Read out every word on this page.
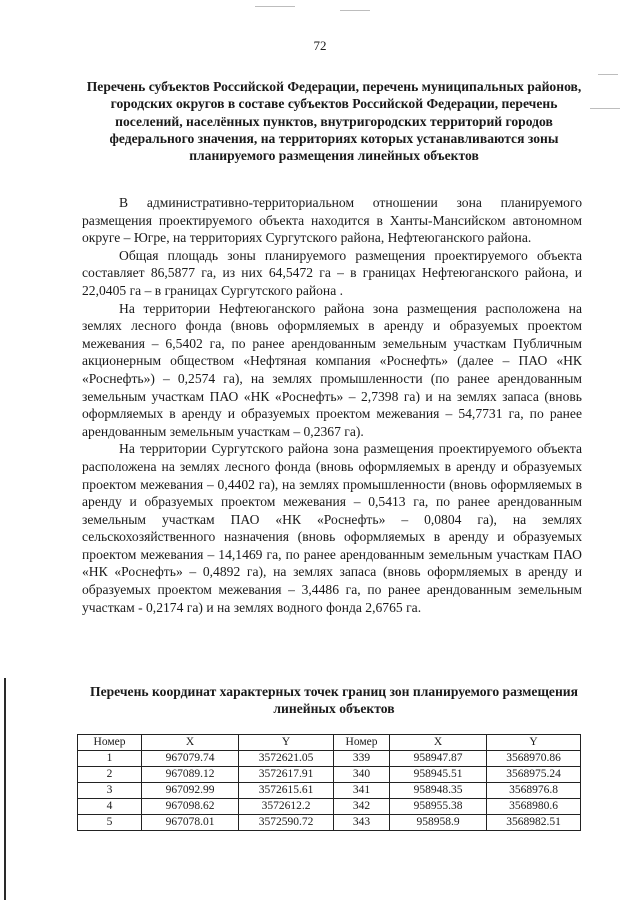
72
Перечень субъектов Российской Федерации, перечень муниципальных районов, городских округов в составе субъектов Российской Федерации, перечень поселений, населённых пунктов, внутригородских территорий городов федерального значения, на территориях которых устанавливаются зоны планируемого размещения линейных объектов

В административно-территориальном отношении зона планируемого размещения проектируемого объекта находится в Ханты-Мансийском автономном округе – Югре, на территориях Сургутского района, Нефтеюганского района.

Общая площадь зоны планируемого размещения проектируемого объекта составляет 86,5877 га, из них 64,5472 га – в границах Нефтеюганского района, и 22,0405 га – в границах Сургутского района .

На территории Нефтеюганского района зона размещения расположена на землях лесного фонда (вновь оформляемых в аренду и образуемых проектом межевания – 6,5402 га, по ранее арендованным земельным участкам Публичным акционерным обществом «Нефтяная компания «Роснефть» (далее – ПАО «НК «Роснефть») – 0,2574 га), на землях промышленности (по ранее арендованным земельным участкам ПАО «НК «Роснефть» – 2,7398 га) и на землях запаса (вновь оформляемых в аренду и образуемых проектом межевания – 54,7731 га, по ранее арендованным земельным участкам – 0,2367 га).

На территории Сургутского района зона размещения проектируемого объекта расположена на землях лесного фонда (вновь оформляемых в аренду и образуемых проектом межевания – 0,4402 га), на землях промышленности (вновь оформляемых в аренду и образуемых проектом межевания – 0,5413 га, по ранее арендованным земельным участкам ПАО «НК «Роснефть» – 0,0804 га), на землях сельскохозяйственного назначения (вновь оформляемых в аренду и образуемых проектом межевания – 14,1469 га, по ранее арендованным земельным участкам ПАО «НК «Роснефть» – 0,4892 га), на землях запаса (вновь оформляемых в аренду и образуемых проектом межевания – 3,4486 га, по ранее арендованным земельным участкам - 0,2174 га) и на землях водного фонда 2,6765 га.

Перечень координат характерных точек границ зон планируемого размещения линейных объектов
Номер	X	Y	Номер	X	Y
1	967079.74	3572621.05	339	958947.87	3568970.86
2	967089.12	3572617.91	340	958945.51	3568975.24
3	967092.99	3572615.61	341	958948.35	3568976.8
4	967098.62	3572612.2	342	958955.38	3568980.6
5	967078.01	3572590.72	343	958958.9	3568982.51
